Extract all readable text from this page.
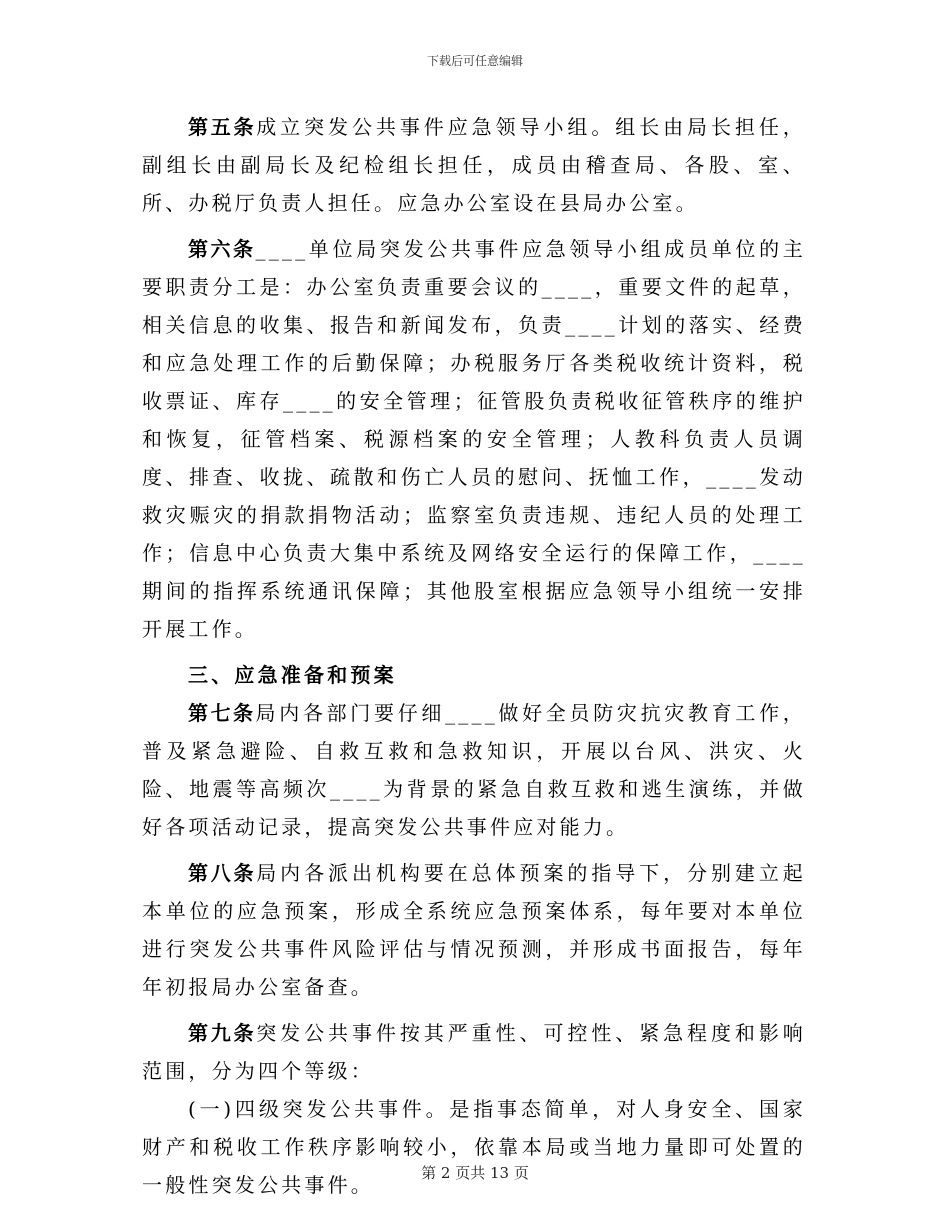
下载后可任意编辑

第五条成立突发公共事件应急领导小组。组长由局长担任，副组长由副局长及纪检组长担任，成员由稽查局、各股、室、所、办税厅负责人担任。应急办公室设在县局办公室。

第六条____单位局突发公共事件应急领导小组成员单位的主要职责分工是：办公室负责重要会议的____，重要文件的起草，相关信息的收集、报告和新闻发布，负责____计划的落实、经费和应急处理工作的后勤保障；办税服务厅各类税收统计资料，税收票证、库存____的安全管理；征管股负责税收征管秩序的维护和恢复，征管档案、税源档案的安全管理；人教科负责人员调度、排查、收拢、疏散和伤亡人员的慰问、抚恤工作，____发动救灾赈灾的捐款捐物活动；监察室负责违规、违纪人员的处理工作；信息中心负责大集中系统及网络安全运行的保障工作，____期间的指挥系统通讯保障；其他股室根据应急领导小组统一安排开展工作。

三、应急准备和预案

第七条局内各部门要仔细____做好全员防灾抗灾教育工作，普及紧急避险、自救互救和急救知识，开展以台风、洪灾、火险、地震等高频次____为背景的紧急自救互救和逃生演练，并做好各项活动记录，提高突发公共事件应对能力。

第八条局内各派出机构要在总体预案的指导下，分别建立起本单位的应急预案，形成全系统应急预案体系，每年要对本单位进行突发公共事件风险评估与情况预测，并形成书面报告，每年年初报局办公室备查。

第九条突发公共事件按其严重性、可控性、紧急程度和影响范围，分为四个等级：

(一)四级突发公共事件。是指事态简单，对人身安全、国家财产和税收工作秩序影响较小，依靠本局或当地力量即可处置的一般性突发公共事件。	第 2 页共 13 页
